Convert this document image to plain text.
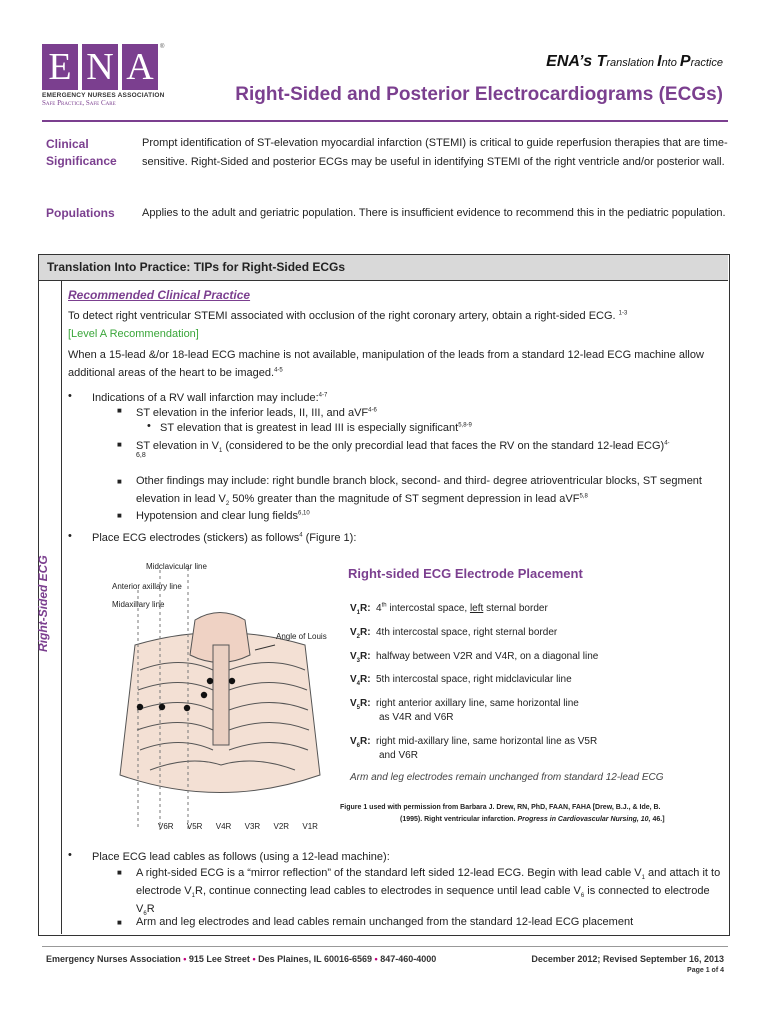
E N A
EMERGENCY NURSES ASSOCIATION
Safe Practice, Safe Care
®
ENA’s Translation Into Practice
Right-Sided and Posterior Electrocardiograms (ECGs)
Clinical
Significance
Prompt identification of ST-elevation myocardial infarction (STEMI) is critical to guide reperfusion therapies that are time-sensitive. Right-Sided and posterior ECGs may be useful in identifying STEMI of the right ventricle and/or posterior wall.
Populations Applies to the adult and geriatric population. There is insufficient evidence to recommend this in the pediatric population.
Translation Into Practice: TIPs for Right-Sided ECGs
Right-Sided ECG
Recommended Clinical Practice
To detect right ventricular STEMI associated with occlusion of the right coronary artery, obtain a right-sided ECG. $^{1-3}$
[Level A Recommendation]
When a 15-lead &/or 18-lead ECG machine is not available, manipulation of the leads from a standard 12-lead ECG machine allow additional areas of the heart to be imaged.$^{4-5}$
• Indications of a RV wall infarction may include:$^{4-7}$
■ ST elevation in the inferior leads, II, III, and aVF$^{4-6}$
• ST elevation that is greatest in lead III is especially significant$^{5,8-9}$
■ ST elevation in $V_1$ (considered to be the only precordial lead that faces the RV on the standard 12-lead ECG)$^{4-}$
6,8
■ Other findings may include: right bundle branch block, second- and third- degree atrioventricular blocks, ST segment elevation in lead $V_2$ 50% greater than the magnitude of ST segment depression in lead aVF$^{5,8}$
■ Hypotension and clear lung fields$^{6,10}$
• Place ECG electrodes (stickers) as follows$^4$ (Figure 1):
Midclavicular line
Anterior axillary line
Midaxillary line
Angle of Louis
V6R V5R V4R V3R V2R V1R
Right-sided ECG Electrode Placement
$V_1R$: 4th intercostal space, left sternal border
$V_2R$: 4th intercostal space, right sternal border
$V_3R$: halfway between V2R and V4R, on a diagonal line
$V_4R$: 5th intercostal space, right midclavicular line
$V_5R$: right anterior axillary line, same horizontal line
as V4R and V6R
$V_6R$: right mid-axillary line, same horizontal line as V5R
and V6R
Arm and leg electrodes remain unchanged from standard 12-lead ECG
Figure 1 used with permission from Barbara J. Drew, RN, PhD, FAAN, FAHA [Drew, B.J., & Ide, B.
(1995). Right ventricular infarction. Progress in Cardiovascular Nursing, 10, 46.]
• Place ECG lead cables as follows (using a 12-lead machine):
■ A right-sided ECG is a “mirror reflection” of the standard left sided 12-lead ECG. Begin with lead cable $V_1$ and attach it to electrode $V_1R$, continue connecting lead cables to electrodes in sequence until lead cable $V_6$ is connected to electrode $V_6R$
■ Arm and leg electrodes and lead cables remain unchanged from the standard 12-lead ECG placement
Emergency Nurses Association • 915 Lee Street • Des Plaines, IL 60016-6569 • 847-460-4000	December 2012; Revised September 16, 2013
Page 1 of 4
